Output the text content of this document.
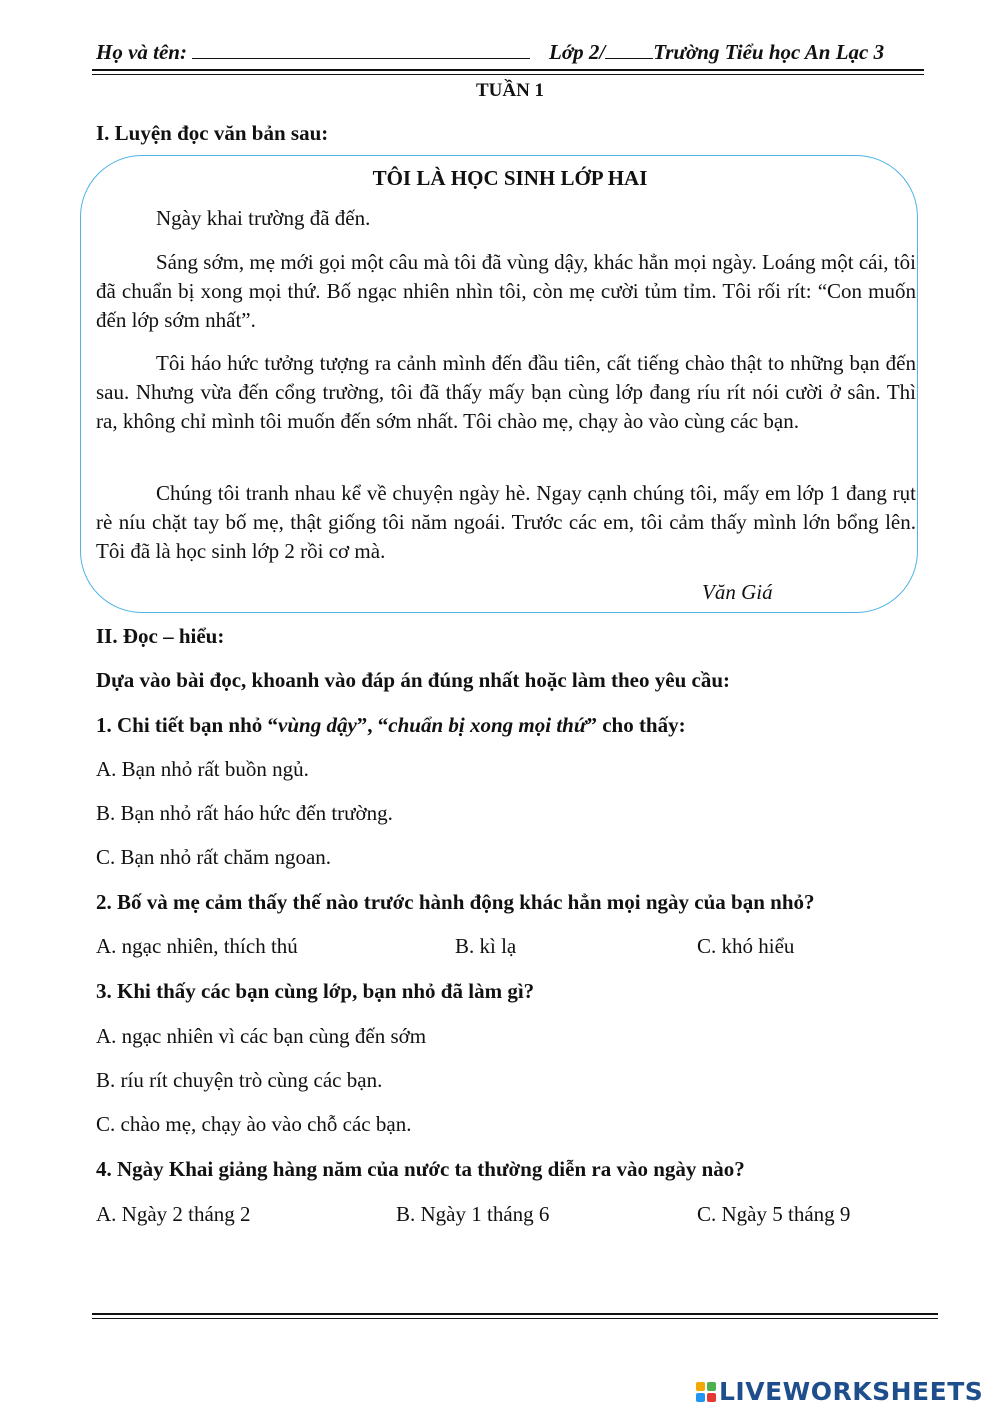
Họ và tên:	Lớp 2/ Trường Tiểu học An Lạc 3
TUẦN 1
I. Luyện đọc văn bản sau:
TÔI LÀ HỌC SINH LỚP HAI
Ngày khai trường đã đến.
Sáng sớm, mẹ mới gọi một câu mà tôi đã vùng dậy, khác hẳn mọi ngày. Loáng một cái, tôi đã chuẩn bị xong mọi thứ. Bố ngạc nhiên nhìn tôi, còn mẹ cười tủm tỉm. Tôi rối rít: “Con muốn đến lớp sớm nhất”.
Tôi háo hức tưởng tượng ra cảnh mình đến đầu tiên, cất tiếng chào thật to những bạn đến sau. Nhưng vừa đến cổng trường, tôi đã thấy mấy bạn cùng lớp đang ríu rít nói cười ở sân. Thì ra, không chỉ mình tôi muốn đến sớm nhất. Tôi chào mẹ, chạy ào vào cùng các bạn.
Chúng tôi tranh nhau kể về chuyện ngày hè. Ngay cạnh chúng tôi, mấy em lớp 1 đang rụt rè níu chặt tay bố mẹ, thật giống tôi năm ngoái. Trước các em, tôi cảm thấy mình lớn bổng lên. Tôi đã là học sinh lớp 2 rồi cơ mà.
Văn Giá
II. Đọc – hiểu:
Dựa vào bài đọc, khoanh vào đáp án đúng nhất hoặc làm theo yêu cầu:
1. Chi tiết bạn nhỏ “vùng dậy”, “chuẩn bị xong mọi thứ” cho thấy:
A. Bạn nhỏ rất buồn ngủ.
B. Bạn nhỏ rất háo hức đến trường.
C. Bạn nhỏ rất chăm ngoan.
2. Bố và mẹ cảm thấy thế nào trước hành động khác hẳn mọi ngày của bạn nhỏ?
A. ngạc nhiên, thích thú	B. kì lạ	C. khó hiểu
3. Khi thấy các bạn cùng lớp, bạn nhỏ đã làm gì?
A. ngạc nhiên vì các bạn cùng đến sớm
B. ríu rít chuyện trò cùng các bạn.
C. chào mẹ, chạy ào vào chỗ các bạn.
4. Ngày Khai giảng hàng năm của nước ta thường diễn ra vào ngày nào?
A. Ngày 2 tháng 2	B. Ngày 1 tháng 6	C. Ngày 5 tháng 9
LIVEWORKSHEETS
